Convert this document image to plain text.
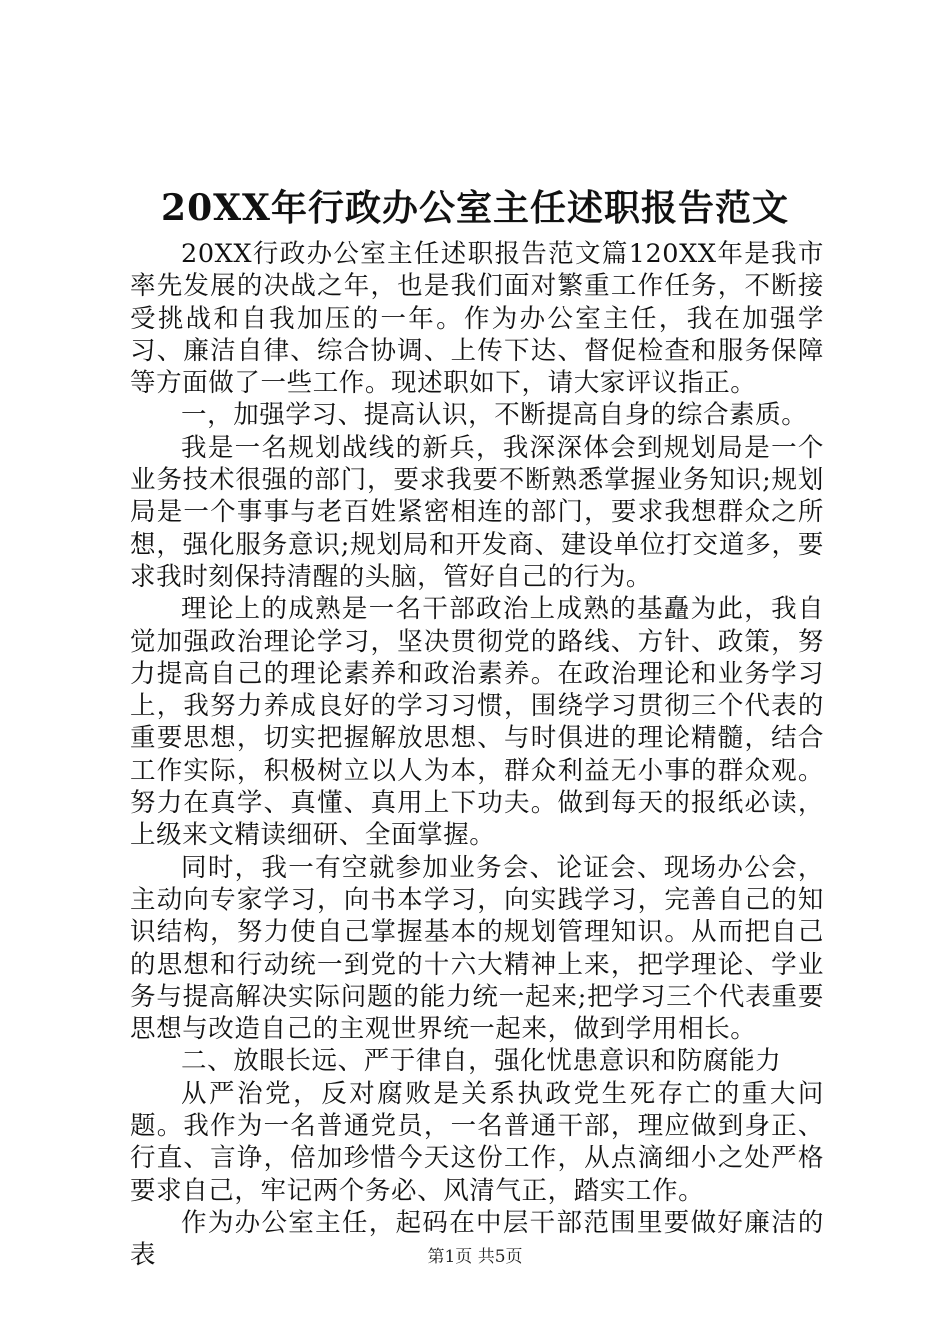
20XX年行政办公室主任述职报告范文

20XX行政办公室主任述职报告范文篇120XX年是我市率先发展的决战之年，也是我们面对繁重工作任务，不断接受挑战和自我加压的一年。作为办公室主任，我在加强学习、廉洁自律、综合协调、上传下达、督促检查和服务保障等方面做了一些工作。现述职如下，请大家评议指正。

一，加强学习、提高认识，不断提高自身的综合素质。

我是一名规划战线的新兵，我深深体会到规划局是一个业务技术很强的部门，要求我要不断熟悉掌握业务知识;规划局是一个事事与老百姓紧密相连的部门，要求我想群众之所想，强化服务意识;规划局和开发商、建设单位打交道多，要求我时刻保持清醒的头脑，管好自己的行为。

理论上的成熟是一名干部政治上成熟的基矗为此，我自觉加强政治理论学习，坚决贯彻党的路线、方针、政策，努力提高自己的理论素养和政治素养。在政治理论和业务学习上，我努力养成良好的学习习惯，围绕学习贯彻三个代表的重要思想，切实把握解放思想、与时俱进的理论精髓，结合工作实际，积极树立以人为本，群众利益无小事的群众观。努力在真学、真懂、真用上下功夫。做到每天的报纸必读，上级来文精读细研、全面掌握。

同时，我一有空就参加业务会、论证会、现场办公会，主动向专家学习，向书本学习，向实践学习，完善自己的知识结构，努力使自己掌握基本的规划管理知识。从而把自己的思想和行动统一到党的十六大精神上来，把学理论、学业务与提高解决实际问题的能力统一起来;把学习三个代表重要思想与改造自己的主观世界统一起来，做到学用相长。

二、放眼长远、严于律自，强化忧患意识和防腐能力

从严治党，反对腐败是关系执政党生死存亡的重大问题。我作为一名普通党员，一名普通干部，理应做到身正、行直、言诤，倍加珍惜今天这份工作，从点滴细小之处严格要求自己，牢记两个务必、风清气正，踏实工作。

作为办公室主任，起码在中层干部范围里要做好廉洁的表	第1页 共5页
